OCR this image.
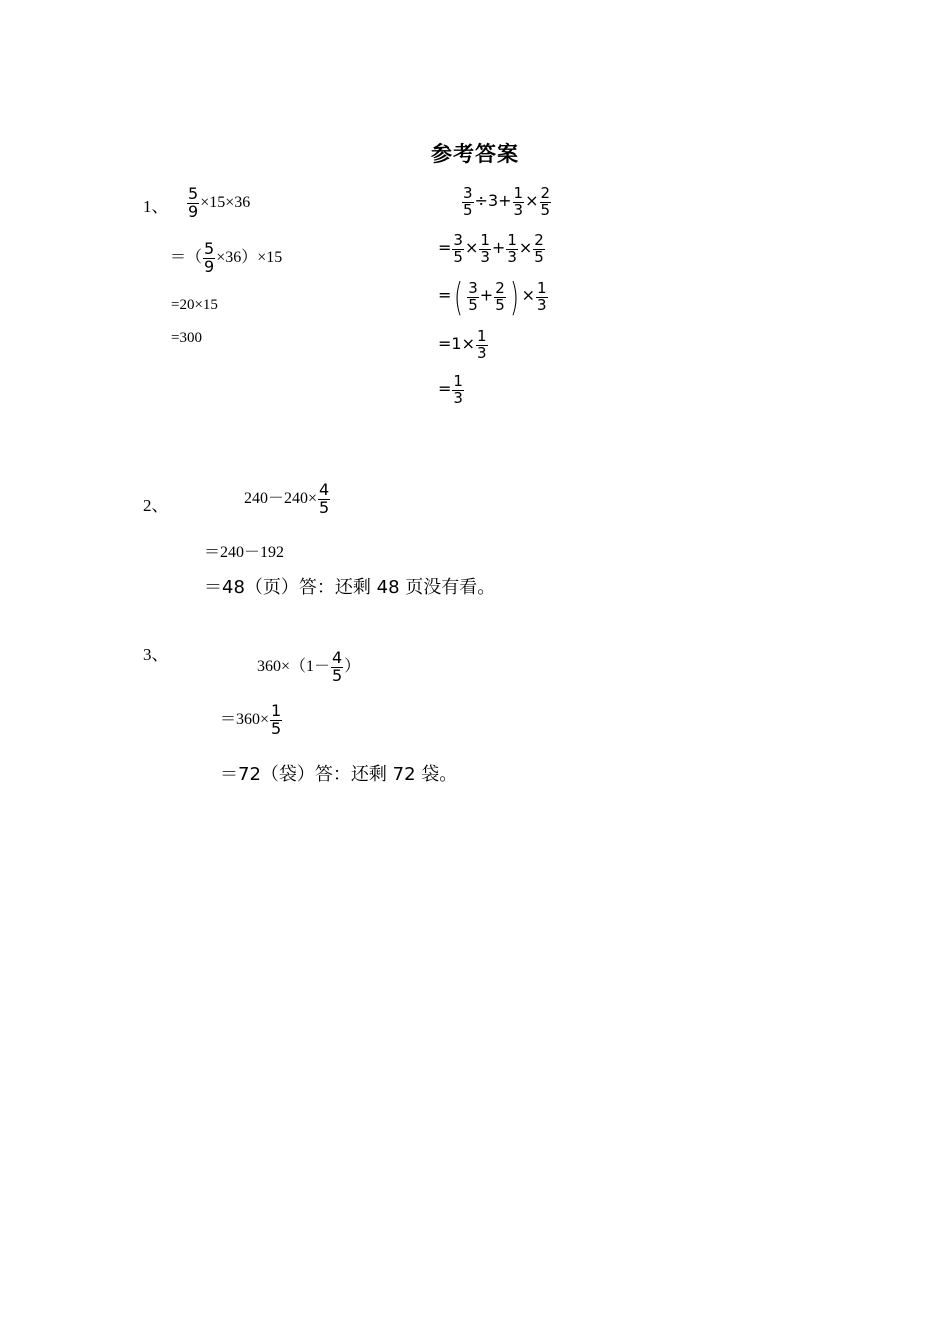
参考答案
1、 $\frac{5}{9} \times 15\times 36$
＝（ $\frac{5}{9} \times 36)\times 15$
=20×15
=300
$\frac{3}{5} \div 3+ \frac{1}{3} \times \frac{2}{5}$
= $\frac{3}{5} \times \frac{1}{3} + \frac{1}{3} \times \frac{2}{5}$
=( $\frac{3}{5} + \frac{2}{5}$ ) × $\frac{1}{3}$
$=1\times \frac{1}{3}$
= $\frac{1}{3}$
2、	$240-240\times \frac{4}{5}$
＝240－192
＝48（页）答：还剩 48 页没有看。
3、
$360\times(1- \frac{4}{5}$ ）
$=360\times \frac{1}{5}$
＝72（袋）答：还剩 72 袋。
